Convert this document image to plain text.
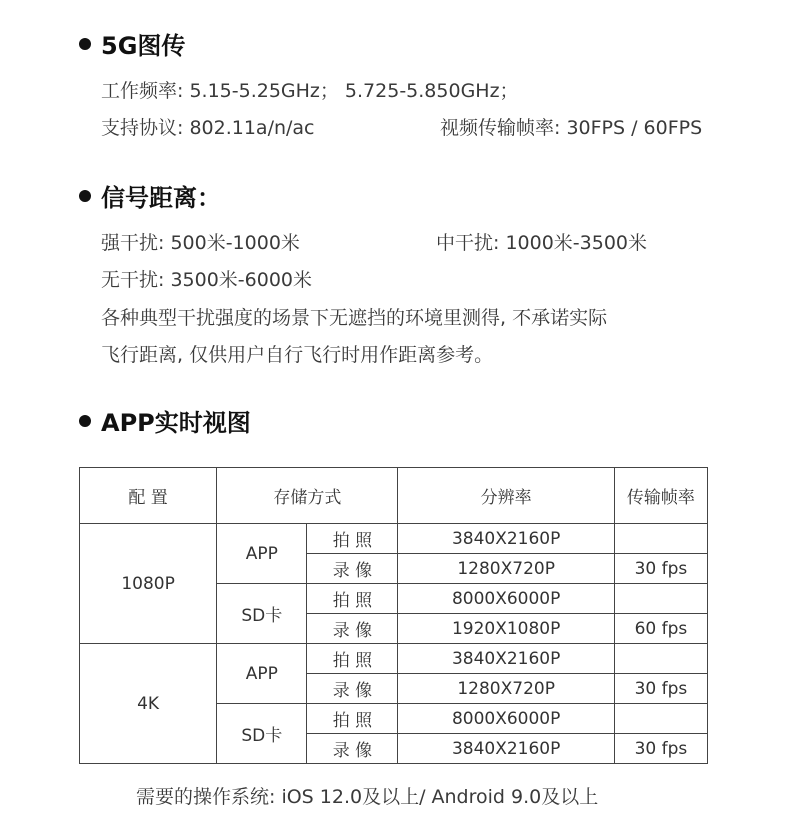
5G图传
工作频率: 5.15-5.25GHz； 5.725-5.850GHz；
支持协议: 802.11a/n/ac	视频传输帧率: 30FPS / 60FPS
信号距离：
强干扰: 500米-1000米	中干扰: 1000米-3500米
无干扰: 3500米-6000米
各种典型干扰强度的场景下无遮挡的环境里测得, 不承诺实际
飞行距离, 仅供用户自行飞行时用作距离参考。
APP实时视图
配 置	存储方式		分辨率	传输帧率
1080P	APP	拍 照	3840X2160P	
		录 像	1280X720P	30 fps
	SD卡	拍 照	8000X6000P	
		录 像	1920X1080P	60 fps
4K	APP	拍 照	3840X2160P	
		录 像	1280X720P	30 fps
	SD卡	拍 照	8000X6000P	
		录 像	3840X2160P	30 fps
需要的操作系统: iOS 12.0及以上/ Android 9.0及以上
